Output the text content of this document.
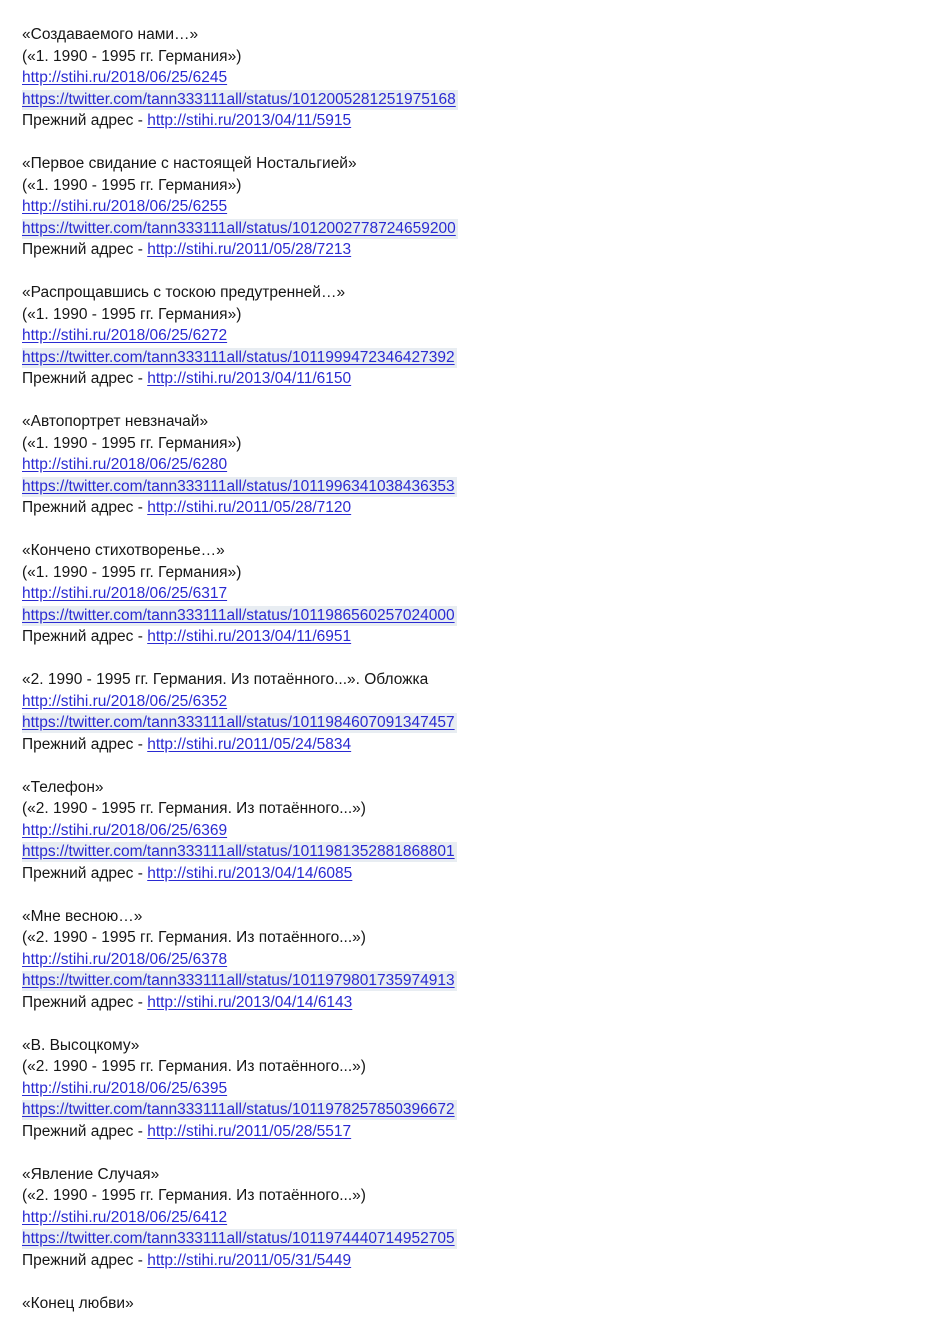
«Создаваемого нами…»
(«1. 1990 - 1995 гг. Германия»)
http://stihi.ru/2018/06/25/6245
https://twitter.com/tann333111all/status/1012005281251975168
Прежний адрес - http://stihi.ru/2013/04/11/5915
«Первое свидание с настоящей Ностальгией»
(«1. 1990 - 1995 гг. Германия»)
http://stihi.ru/2018/06/25/6255
https://twitter.com/tann333111all/status/1012002778724659200
Прежний адрес - http://stihi.ru/2011/05/28/7213
«Распрощавшись с тоскою предутренней…»
(«1. 1990 - 1995 гг. Германия»)
http://stihi.ru/2018/06/25/6272
https://twitter.com/tann333111all/status/1011999472346427392
Прежний адрес - http://stihi.ru/2013/04/11/6150
«Автопортрет невзначай»
(«1. 1990 - 1995 гг. Германия»)
http://stihi.ru/2018/06/25/6280
https://twitter.com/tann333111all/status/1011996341038436353
Прежний адрес - http://stihi.ru/2011/05/28/7120
«Кончено стихотворенье…»
(«1. 1990 - 1995 гг. Германия»)
http://stihi.ru/2018/06/25/6317
https://twitter.com/tann333111all/status/1011986560257024000
Прежний адрес - http://stihi.ru/2013/04/11/6951
«2. 1990 - 1995 гг. Германия. Из потаённого...». Обложка
http://stihi.ru/2018/06/25/6352
https://twitter.com/tann333111all/status/1011984607091347457
Прежний адрес - http://stihi.ru/2011/05/24/5834
«Телефон»
(«2. 1990 - 1995 гг. Германия. Из потаённого...»)
http://stihi.ru/2018/06/25/6369
https://twitter.com/tann333111all/status/1011981352881868801
Прежний адрес - http://stihi.ru/2013/04/14/6085
«Мне весною…»
(«2. 1990 - 1995 гг. Германия. Из потаённого...»)
http://stihi.ru/2018/06/25/6378
https://twitter.com/tann333111all/status/1011979801735974913
Прежний адрес - http://stihi.ru/2013/04/14/6143
«В. Высоцкому»
(«2. 1990 - 1995 гг. Германия. Из потаённого...»)
http://stihi.ru/2018/06/25/6395
https://twitter.com/tann333111all/status/1011978257850396672
Прежний адрес - http://stihi.ru/2011/05/28/5517
«Явление Случая»
(«2. 1990 - 1995 гг. Германия. Из потаённого...»)
http://stihi.ru/2018/06/25/6412
https://twitter.com/tann333111all/status/1011974440714952705
Прежний адрес - http://stihi.ru/2011/05/31/5449
«Конец любви»
